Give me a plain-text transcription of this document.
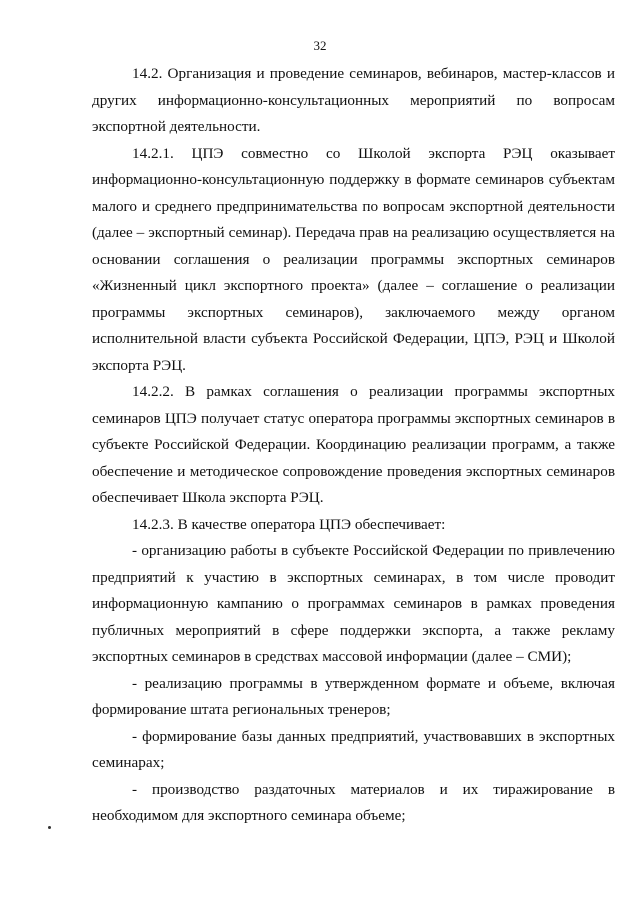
32

14.2. Организация и проведение семинаров, вебинаров, мастер-классов и других информационно-консультационных мероприятий по вопросам экспортной деятельности.

14.2.1. ЦПЭ совместно со Школой экспорта РЭЦ оказывает информационно-консультационную поддержку в формате семинаров субъектам малого и среднего предпринимательства по вопросам экспортной деятельности (далее – экспортный семинар). Передача прав на реализацию осуществляется на основании соглашения о реализации программы экспортных семинаров «Жизненный цикл экспортного проекта» (далее – соглашение о реализации программы экспортных семинаров), заключаемого между органом исполнительной власти субъекта Российской Федерации, ЦПЭ, РЭЦ и Школой экспорта РЭЦ.

14.2.2. В рамках соглашения о реализации программы экспортных семинаров ЦПЭ получает статус оператора программы экспортных семинаров в субъекте Российской Федерации. Координацию реализации программ, а также обеспечение и методическое сопровождение проведения экспортных семинаров обеспечивает Школа экспорта РЭЦ.

14.2.3. В качестве оператора ЦПЭ обеспечивает:

- организацию работы в субъекте Российской Федерации по привлечению предприятий к участию в экспортных семинарах, в том числе проводит информационную кампанию о программах семинаров в рамках проведения публичных мероприятий в сфере поддержки экспорта, а также рекламу экспортных семинаров в средствах массовой информации (далее – СМИ);

- реализацию программы в утвержденном формате и объеме, включая формирование штата региональных тренеров;

- формирование базы данных предприятий, участвовавших в экспортных семинарах;

- производство раздаточных материалов и их тиражирование в необходимом для экспортного семинара объеме;
